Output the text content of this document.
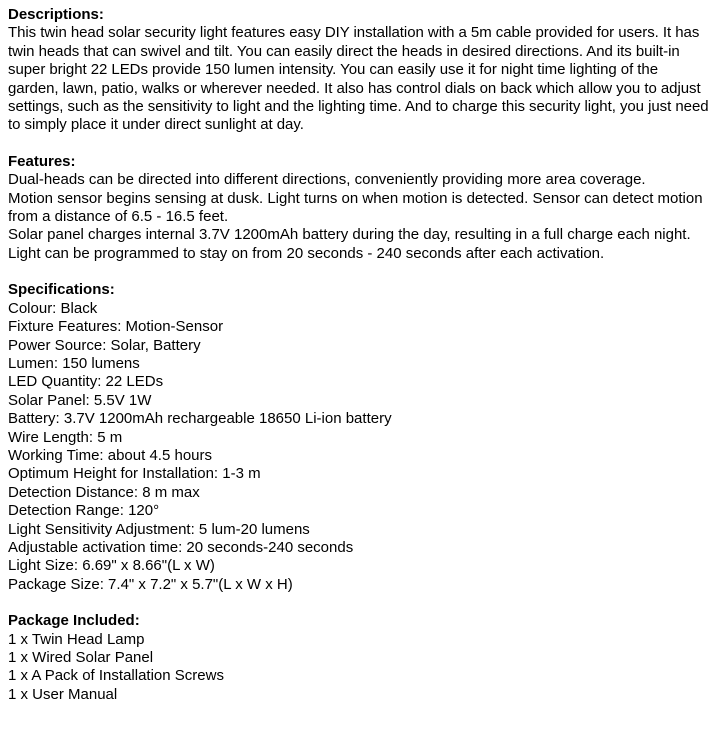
Descriptions:
This twin head solar security light features easy DIY installation with a 5m cable provided for users. It has twin heads that can swivel and tilt. You can easily direct the heads in desired directions. And its built-in super bright 22 LEDs provide 150 lumen intensity. You can easily use it for night time lighting of the garden, lawn, patio, walks or wherever needed. It also has control dials on back which allow you to adjust settings, such as the sensitivity to light and the lighting time. And to charge this security light, you just need to simply place it under direct sunlight at day.
Features:
Dual-heads can be directed into different directions, conveniently providing more area coverage.
Motion sensor begins sensing at dusk. Light turns on when motion is detected. Sensor can detect motion from a distance of 6.5 - 16.5 feet.
Solar panel charges internal 3.7V 1200mAh battery during the day, resulting in a full charge each night.
Light can be programmed to stay on from 20 seconds - 240 seconds after each activation.
Specifications:
Colour: Black
Fixture Features: Motion-Sensor
Power Source: Solar, Battery
Lumen: 150 lumens
LED Quantity: 22 LEDs
Solar Panel: 5.5V 1W
Battery: 3.7V 1200mAh rechargeable 18650 Li-ion battery
Wire Length: 5 m
Working Time: about 4.5 hours
Optimum Height for Installation: 1-3 m
Detection Distance: 8 m max
Detection Range: 120°
Light Sensitivity Adjustment: 5 lum-20 lumens
Adjustable activation time: 20 seconds-240 seconds
Light Size: 6.69" x 8.66"(L x W)
Package Size: 7.4" x 7.2" x 5.7"(L x W x H)
Package Included:
1 x Twin Head Lamp
1 x Wired Solar Panel
1 x A Pack of Installation Screws
1 x User Manual
